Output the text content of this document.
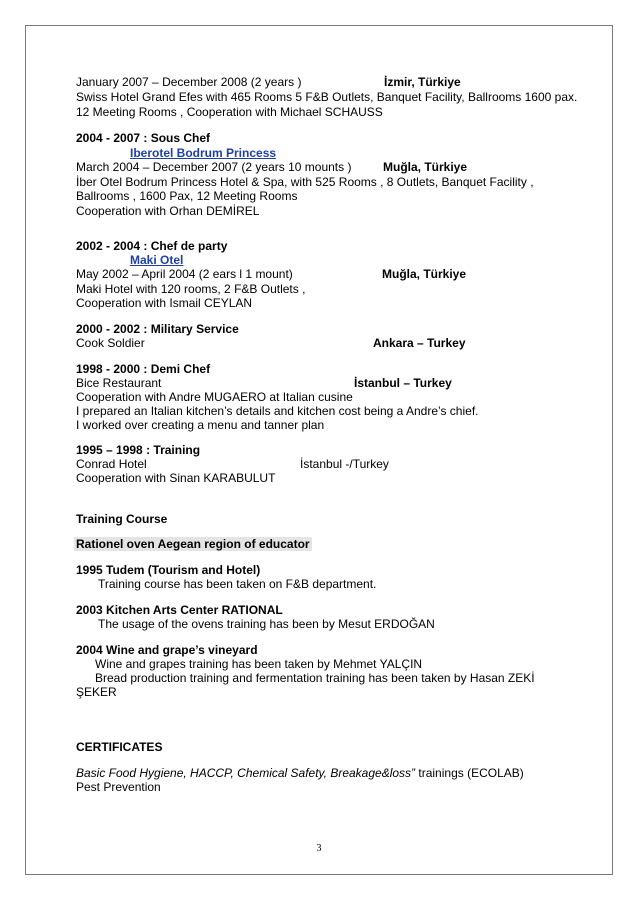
January 2007 – December 2008 (2 years )	İzmir, Türkiye
Swiss Hotel Grand Efes with 465 Rooms 5 F&B Outlets, Banquet Facility, Ballrooms 1600 pax.
12 Meeting Rooms , Cooperation with Michael SCHAUSS
2004 - 2007 : Sous Chef
Iberotel Bodrum Princess
March 2004 – December 2007 (2 years 10 mounts )	Muğla, Türkiye
İber Otel Bodrum Princess Hotel & Spa, with 525 Rooms , 8 Outlets, Banquet Facility ,
Ballrooms , 1600 Pax, 12 Meeting Rooms
Cooperation with Orhan DEMİREL
2002 - 2004 : Chef de party
Maki Otel
May 2002 – April 2004 (2 ears l 1 mount)	Muğla, Türkiye
Maki Hotel with 120 rooms, 2 F&B Outlets ,
Cooperation with Ismail CEYLAN
2000 - 2002 : Military Service
Cook Soldier	Ankara – Turkey
1998 - 2000 : Demi Chef
Bice Restaurant	İstanbul – Turkey
Cooperation with Andre MUGAERO at Italian cusine
I prepared an Italian kitchen’s details and kitchen cost being a Andre’s chief.
I worked over creating a menu and tanner plan
1995 – 1998 : Training
Conrad Hotel	İstanbul -/Turkey
Cooperation with Sinan KARABULUT
Training Course
Rationel oven Aegean region of educator
1995 Tudem (Tourism and Hotel)
Training course has been taken on F&B department.
2003 Kitchen Arts Center RATIONAL
The usage of the ovens training has been by Mesut ERDOĞAN
2004 Wine and grape’s vineyard
Wine and grapes training has been taken by Mehmet YALÇIN
Bread production training and fermentation training has been taken by Hasan ZEKİ
ŞEKER
CERTIFICATES
Basic Food Hygiene, HACCP, Chemical Safety, Breakage&loss” trainings (ECOLAB)
Pest Prevention
3
